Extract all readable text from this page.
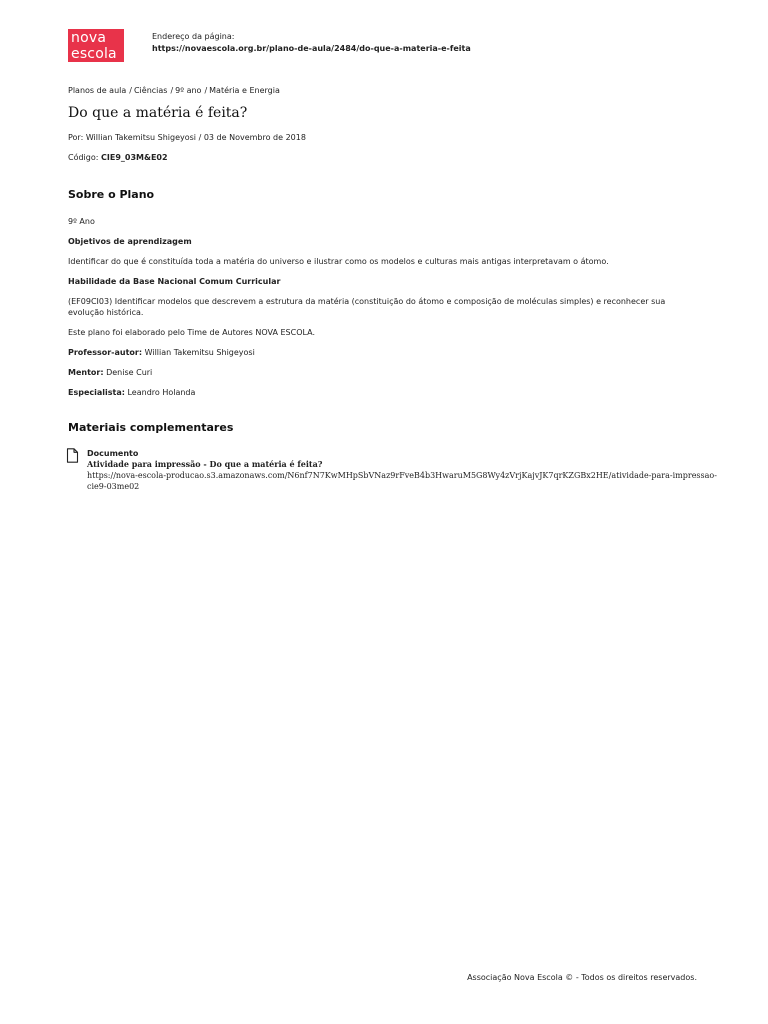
nova
escola
Endereço da página:
https://novaescola.org.br/plano-de-aula/2484/do-que-a-materia-e-feita
Planos de aula / Ciências / 9º ano / Matéria e Energia
Do que a matéria é feita?
Por: Willian Takemitsu Shigeyosi / 03 de Novembro de 2018
Código: CIE9_03M&E02
Sobre o Plano

9º Ano

Objetivos de aprendizagem

Identificar do que é constituída toda a matéria do universo e ilustrar como os modelos e culturas mais antigas interpretavam o átomo.

Habilidade da Base Nacional Comum Curricular

(EF09CI03) Identificar modelos que descrevem a estrutura da matéria (constituição do átomo e composição de moléculas simples) e reconhecer sua evolução histórica.

Este plano foi elaborado pelo Time de Autores NOVA ESCOLA.

Professor-autor: Willian Takemitsu Shigeyosi

Mentor: Denise Curi

Especialista: Leandro Holanda

Materiais complementares
Documento
Atividade para impressão - Do que a matéria é feita?
https://nova-escola-producao.s3.amazonaws.com/N6nf7N7KwMHpSbVNaz9rFveB4b3HwaruM5G8Wy4zVrjKajvJK7qrKZGBx2HE/atividade-para-impressao-cie9-03me02
Associação Nova Escola © - Todos os direitos reservados.
